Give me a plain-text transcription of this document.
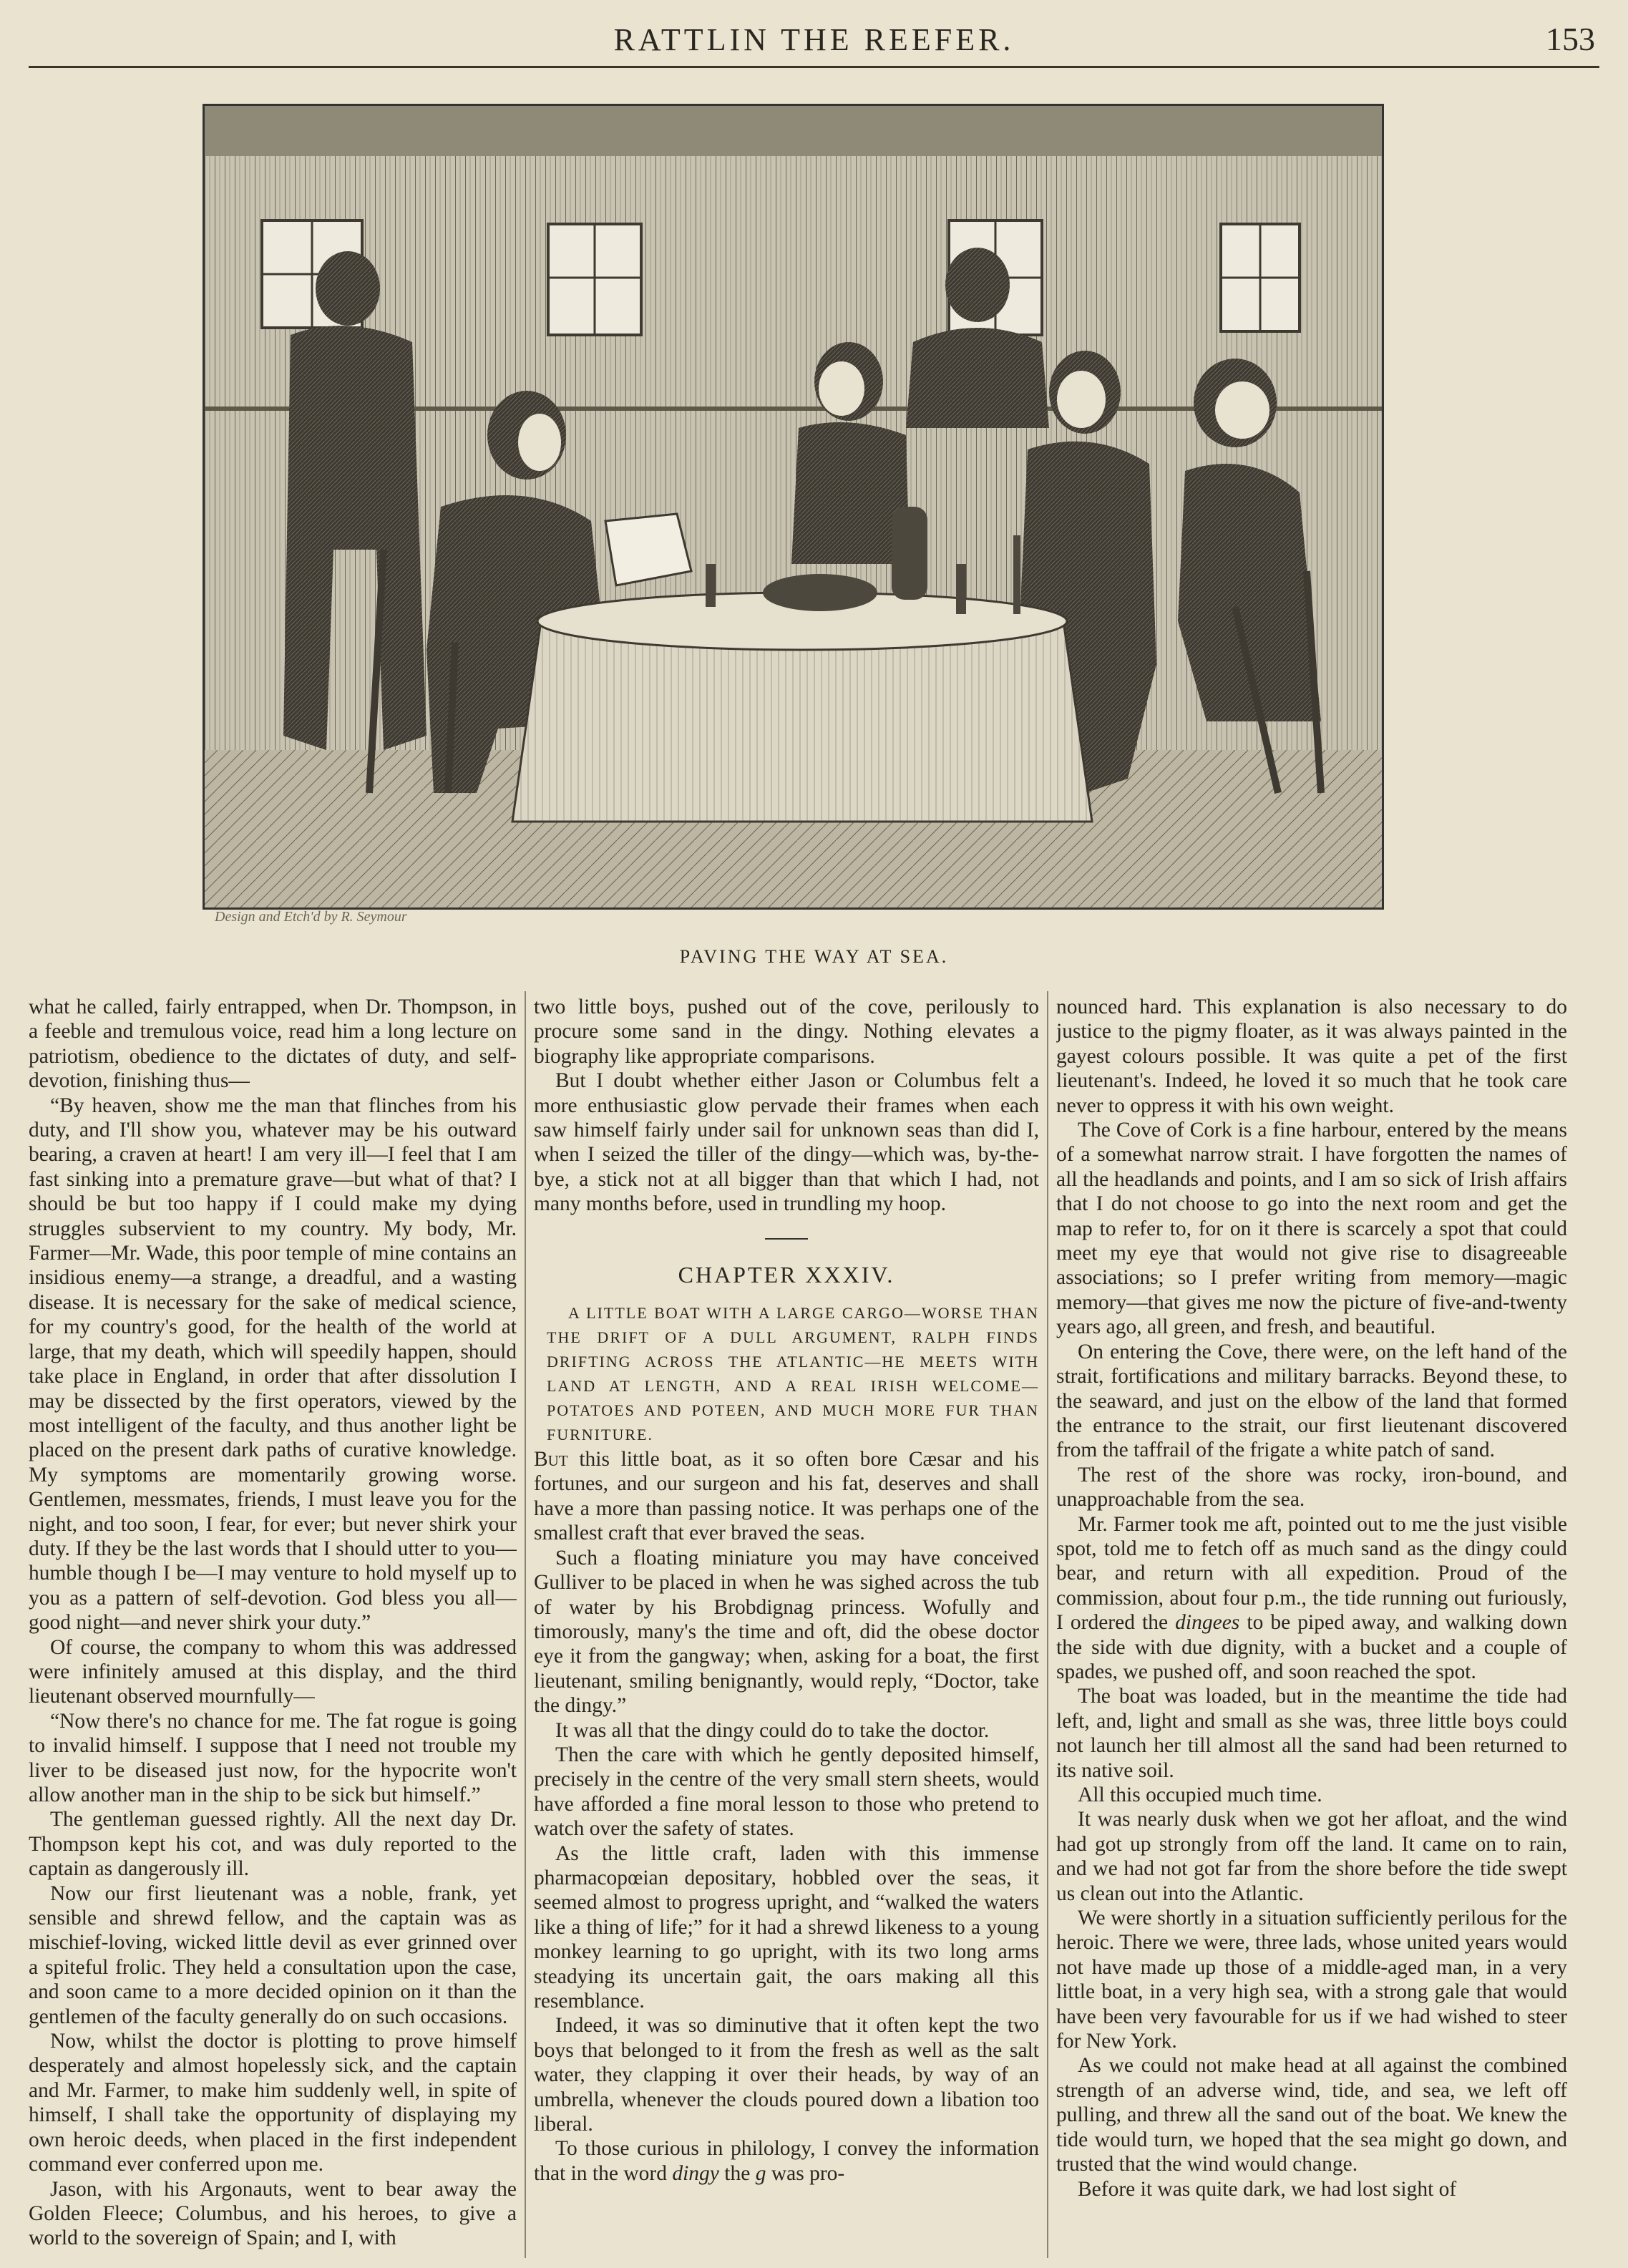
RATTLIN THE REEFER.	153
Design and Etch'd by R. Seymour
PAVING THE WAY AT SEA.

what he called, fairly entrapped, when Dr. Thompson, in a feeble and tremulous voice, read him a long lecture on patriotism, obedience to the dictates of duty, and self-devotion, finishing thus—

“By heaven, show me the man that flinches from his duty, and I'll show you, whatever may be his outward bearing, a craven at heart! I am very ill—I feel that I am fast sinking into a premature grave—but what of that? I should be but too happy if I could make my dying struggles subservient to my country. My body, Mr. Farmer—Mr. Wade, this poor temple of mine contains an insidious enemy—a strange, a dreadful, and a wasting disease. It is necessary for the sake of medical science, for my country's good, for the health of the world at large, that my death, which will speedily happen, should take place in England, in order that after dissolution I may be dissected by the first operators, viewed by the most intelligent of the faculty, and thus another light be placed on the present dark paths of curative knowledge. My symptoms are momentarily growing worse. Gentlemen, messmates, friends, I must leave you for the night, and too soon, I fear, for ever; but never shirk your duty. If they be the last words that I should utter to you—humble though I be—I may venture to hold myself up to you as a pattern of self-devotion. God bless you all—good night—and never shirk your duty.”

Of course, the company to whom this was addressed were infinitely amused at this display, and the third lieutenant observed mournfully—

“Now there's no chance for me. The fat rogue is going to invalid himself. I suppose that I need not trouble my liver to be diseased just now, for the hypocrite won't allow another man in the ship to be sick but himself.”

The gentleman guessed rightly. All the next day Dr. Thompson kept his cot, and was duly reported to the captain as dangerously ill.

Now our first lieutenant was a noble, frank, yet sensible and shrewd fellow, and the captain was as mischief-loving, wicked little devil as ever grinned over a spiteful frolic. They held a consultation upon the case, and soon came to a more decided opinion on it than the gentlemen of the faculty generally do on such occasions.

Now, whilst the doctor is plotting to prove himself desperately and almost hopelessly sick, and the captain and Mr. Farmer, to make him suddenly well, in spite of himself, I shall take the opportunity of displaying my own heroic deeds, when placed in the first independent command ever conferred upon me.

Jason, with his Argonauts, went to bear away the Golden Fleece; Columbus, and his heroes, to give a world to the sovereign of Spain; and I, with

two little boys, pushed out of the cove, perilously to procure some sand in the dingy. Nothing elevates a biography like appropriate comparisons.

But I doubt whether either Jason or Columbus felt a more enthusiastic glow pervade their frames when each saw himself fairly under sail for unknown seas than did I, when I seized the tiller of the dingy—which was, by-the-bye, a stick not at all bigger than that which I had, not many months before, used in trundling my hoop.

CHAPTER XXXIV.

A LITTLE BOAT WITH A LARGE CARGO—WORSE THAN THE DRIFT OF A DULL ARGUMENT, RALPH FINDS DRIFTING ACROSS THE ATLANTIC—HE MEETS WITH LAND AT LENGTH, AND A REAL IRISH WELCOME—POTATOES AND POTEEN, AND MUCH MORE FUR THAN FURNITURE.

But this little boat, as it so often bore Cæsar and his fortunes, and our surgeon and his fat, deserves and shall have a more than passing notice. It was perhaps one of the smallest craft that ever braved the seas.

Such a floating miniature you may have conceived Gulliver to be placed in when he was sighed across the tub of water by his Brobdignag princess. Wofully and timorously, many's the time and oft, did the obese doctor eye it from the gangway; when, asking for a boat, the first lieutenant, smiling benignantly, would reply, “Doctor, take the dingy.”

It was all that the dingy could do to take the doctor.

Then the care with which he gently deposited himself, precisely in the centre of the very small stern sheets, would have afforded a fine moral lesson to those who pretend to watch over the safety of states.

As the little craft, laden with this immense pharmacopœian depositary, hobbled over the seas, it seemed almost to progress upright, and “walked the waters like a thing of life;” for it had a shrewd likeness to a young monkey learning to go upright, with its two long arms steadying its uncertain gait, the oars making all this resemblance.

Indeed, it was so diminutive that it often kept the two boys that belonged to it from the fresh as well as the salt water, they clapping it over their heads, by way of an umbrella, whenever the clouds poured down a libation too liberal.

To those curious in philology, I convey the information that in the word dingy the g was pro-

nounced hard. This explanation is also necessary to do justice to the pigmy floater, as it was always painted in the gayest colours possible. It was quite a pet of the first lieutenant's. Indeed, he loved it so much that he took care never to oppress it with his own weight.

The Cove of Cork is a fine harbour, entered by the means of a somewhat narrow strait. I have forgotten the names of all the headlands and points, and I am so sick of Irish affairs that I do not choose to go into the next room and get the map to refer to, for on it there is scarcely a spot that could meet my eye that would not give rise to disagreeable associations; so I prefer writing from memory—magic memory—that gives me now the picture of five-and-twenty years ago, all green, and fresh, and beautiful.

On entering the Cove, there were, on the left hand of the strait, fortifications and military barracks. Beyond these, to the seaward, and just on the elbow of the land that formed the entrance to the strait, our first lieutenant discovered from the taffrail of the frigate a white patch of sand.

The rest of the shore was rocky, iron-bound, and unapproachable from the sea.

Mr. Farmer took me aft, pointed out to me the just visible spot, told me to fetch off as much sand as the dingy could bear, and return with all expedition. Proud of the commission, about four p.m., the tide running out furiously, I ordered the dingees to be piped away, and walking down the side with due dignity, with a bucket and a couple of spades, we pushed off, and soon reached the spot.

The boat was loaded, but in the meantime the tide had left, and, light and small as she was, three little boys could not launch her till almost all the sand had been returned to its native soil.

All this occupied much time.

It was nearly dusk when we got her afloat, and the wind had got up strongly from off the land. It came on to rain, and we had not got far from the shore before the tide swept us clean out into the Atlantic.

We were shortly in a situation sufficiently perilous for the heroic. There we were, three lads, whose united years would not have made up those of a middle-aged man, in a very little boat, in a very high sea, with a strong gale that would have been very favourable for us if we had wished to steer for New York.

As we could not make head at all against the combined strength of an adverse wind, tide, and sea, we left off pulling, and threw all the sand out of the boat. We knew the tide would turn, we hoped that the sea might go down, and trusted that the wind would change.

Before it was quite dark, we had lost sight of
